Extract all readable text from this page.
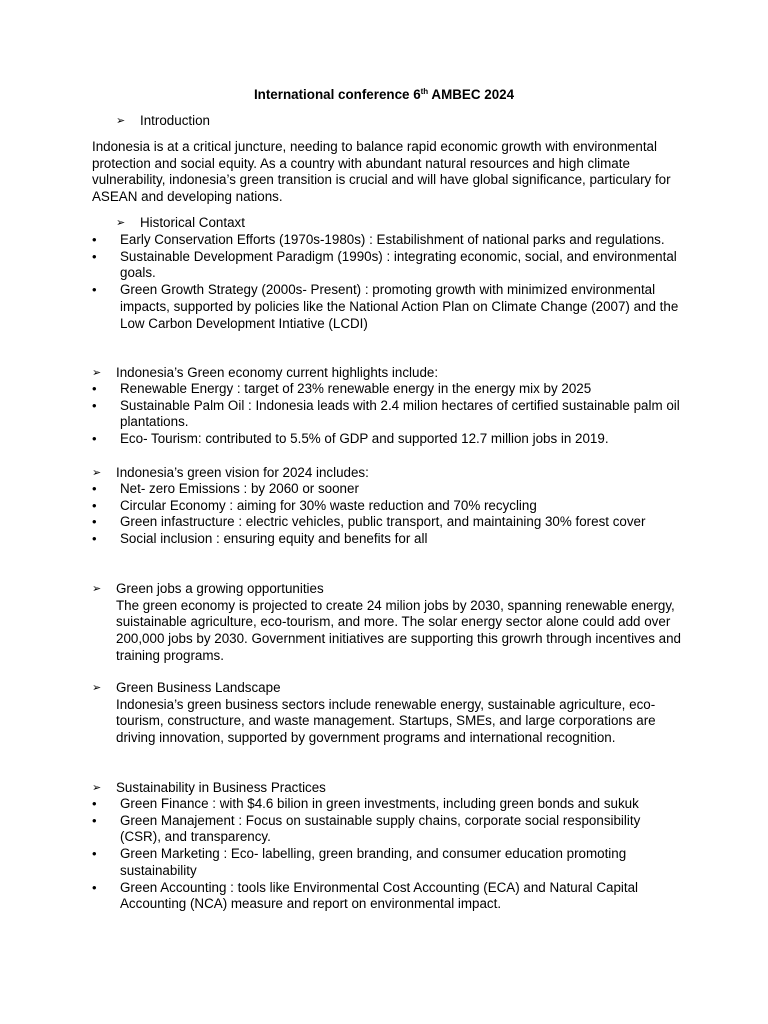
International conference 6th AMBEC 2024
➢ Introduction

Indonesia is at a critical juncture, needing to balance rapid economic growth with environmental protection and social equity. As a country with abundant natural resources and high climate vulnerability, indonesia’s green transition is crucial and will have global significance, particulary for ASEAN and developing nations.

➢ Historical Contaxt
• Early Conservation Efforts (1970s-1980s) : Estabilishment of national parks and regulations.
• Sustainable Development Paradigm (1990s) : integrating economic, social, and environmental goals.
• Green Growth Strategy (2000s- Present) : promoting growth with minimized environmental impacts, supported by policies like the National Action Plan on Climate Change (2007) and the Low Carbon Development Intiative (LCDI)
➢ Indonesia’s Green economy current highlights include:
• Renewable Energy : target of 23% renewable energy in the energy mix by 2025
• Sustainable Palm Oil : Indonesia leads with 2.4 milion hectares of certified sustainable palm oil plantations.
• Eco- Tourism: contributed to 5.5% of GDP and supported 12.7 million jobs in 2019.
➢ Indonesia’s green vision for 2024 includes:
• Net- zero Emissions : by 2060 or sooner
• Circular Economy : aiming for 30% waste reduction and 70% recycling
• Green infastructure : electric vehicles, public transport, and maintaining 30% forest cover
• Social inclusion : ensuring equity and benefits for all
➢ Green jobs a growing opportunities
The green economy is projected to create 24 milion jobs by 2030, spanning renewable energy, suistainable agriculture, eco-tourism, and more. The solar energy sector alone could add over 200,000 jobs by 2030. Government initiatives are supporting this growrh through incentives and training programs.
➢ Green Business Landscape
Indonesia’s green business sectors include renewable energy, sustainable agriculture, eco-tourism, constructure, and waste management. Startups, SMEs, and large corporations are driving innovation, supported by government programs and international recognition.
➢ Sustainability in Business Practices
• Green Finance : with $4.6 bilion in green investments, including green bonds and sukuk
• Green Manajement : Focus on sustainable supply chains, corporate social responsibility (CSR), and transparency.
• Green Marketing : Eco- labelling, green branding, and consumer education promoting sustainability
• Green Accounting : tools like Environmental Cost Accounting (ECA) and Natural Capital Accounting (NCA) measure and report on environmental impact.
